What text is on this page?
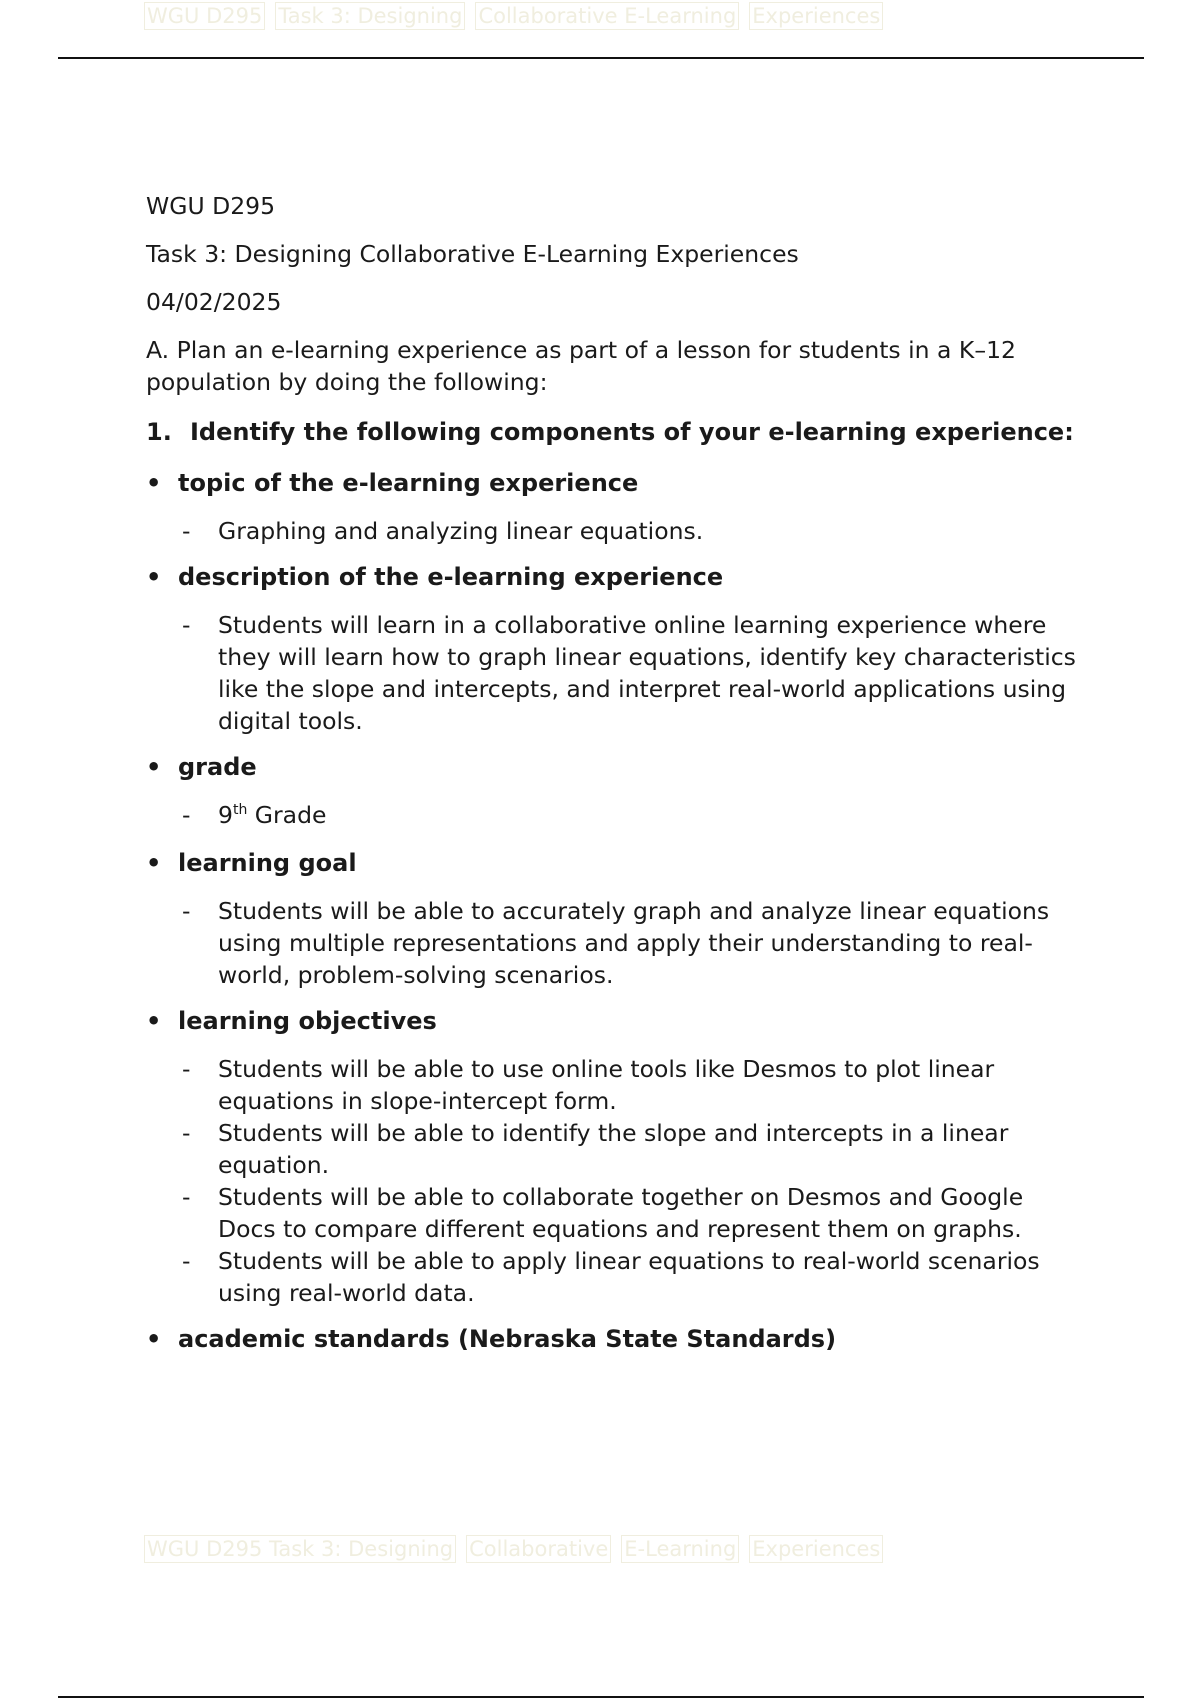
WGU D295 Task 3: Designing Collaborative E-Learning Experiences

WGU D295

Task 3: Designing Collaborative E-Learning Experiences

04/02/2025

A. Plan an e-learning experience as part of a lesson for students in a K–12 population by doing the following:

1. Identify the following components of your e-learning experience:
• topic of the e-learning experience
-	Graphing and analyzing linear equations.
• description of the e-learning experience
-	Students will learn in a collaborative online learning experience where they will learn how to graph linear equations, identify key characteristics like the slope and intercepts, and interpret real-world applications using digital tools.
• grade
-	9th Grade
• learning goal
-	Students will be able to accurately graph and analyze linear equations using multiple representations and apply their understanding to real- world, problem-solving scenarios.
• learning objectives
-	Students will be able to use online tools like Desmos to plot linear equations in slope-intercept form.
-	Students will be able to identify the slope and intercepts in a linear equation.
-	Students will be able to collaborate together on Desmos and Google Docs to compare different equations and represent them on graphs.
-	Students will be able to apply linear equations to real-world scenarios using real-world data.
• academic standards (Nebraska State Standards)
WGU D295 Task 3: Designing Collaborative E-Learning Experiences
